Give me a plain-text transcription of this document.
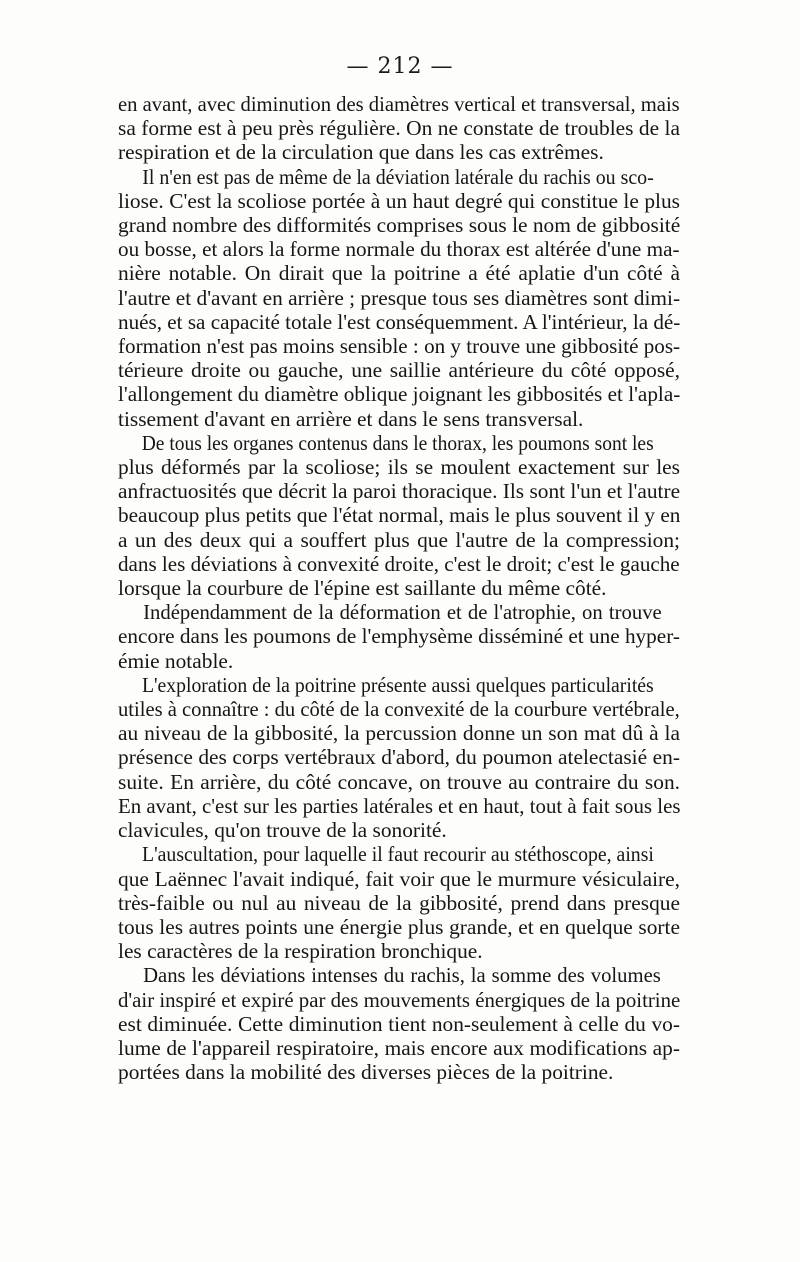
— 212 —
en avant, avec diminution des diamètres vertical et transversal, mais
sa forme est à peu près régulière. On ne constate de troubles de la
respiration et de la circulation que dans les cas extrêmes.
Il n'en est pas de même de la déviation latérale du rachis ou sco-
liose. C'est la scoliose portée à un haut degré qui constitue le plus
grand nombre des difformités comprises sous le nom de gibbosité
ou bosse, et alors la forme normale du thorax est altérée d'une ma-
nière notable. On dirait que la poitrine a été aplatie d'un côté à
l'autre et d'avant en arrière ; presque tous ses diamètres sont dimi-
nués, et sa capacité totale l'est conséquemment. A l'intérieur, la dé-
formation n'est pas moins sensible : on y trouve une gibbosité pos-
térieure droite ou gauche, une saillie antérieure du côté opposé,
l'allongement du diamètre oblique joignant les gibbosités et l'apla-
tissement d'avant en arrière et dans le sens transversal.
De tous les organes contenus dans le thorax, les poumons sont les
plus déformés par la scoliose; ils se moulent exactement sur les
anfractuosités que décrit la paroi thoracique. Ils sont l'un et l'autre
beaucoup plus petits que l'état normal, mais le plus souvent il y en
a un des deux qui a souffert plus que l'autre de la compression;
dans les déviations à convexité droite, c'est le droit; c'est le gauche
lorsque la courbure de l'épine est saillante du même côté.
Indépendamment de la déformation et de l'atrophie, on trouve
encore dans les poumons de l'emphysème disséminé et une hyper-
émie notable.
L'exploration de la poitrine présente aussi quelques particularités
utiles à connaître : du côté de la convexité de la courbure vertébrale,
au niveau de la gibbosité, la percussion donne un son mat dû à la
présence des corps vertébraux d'abord, du poumon atelectasié en-
suite. En arrière, du côté concave, on trouve au contraire du son.
En avant, c'est sur les parties latérales et en haut, tout à fait sous les
clavicules, qu'on trouve de la sonorité.
L'auscultation, pour laquelle il faut recourir au stéthoscope, ainsi
que Laënnec l'avait indiqué, fait voir que le murmure vésiculaire,
très-faible ou nul au niveau de la gibbosité, prend dans presque
tous les autres points une énergie plus grande, et en quelque sorte
les caractères de la respiration bronchique.
Dans les déviations intenses du rachis, la somme des volumes
d'air inspiré et expiré par des mouvements énergiques de la poitrine
est diminuée. Cette diminution tient non-seulement à celle du vo-
lume de l'appareil respiratoire, mais encore aux modifications ap-
portées dans la mobilité des diverses pièces de la poitrine.
